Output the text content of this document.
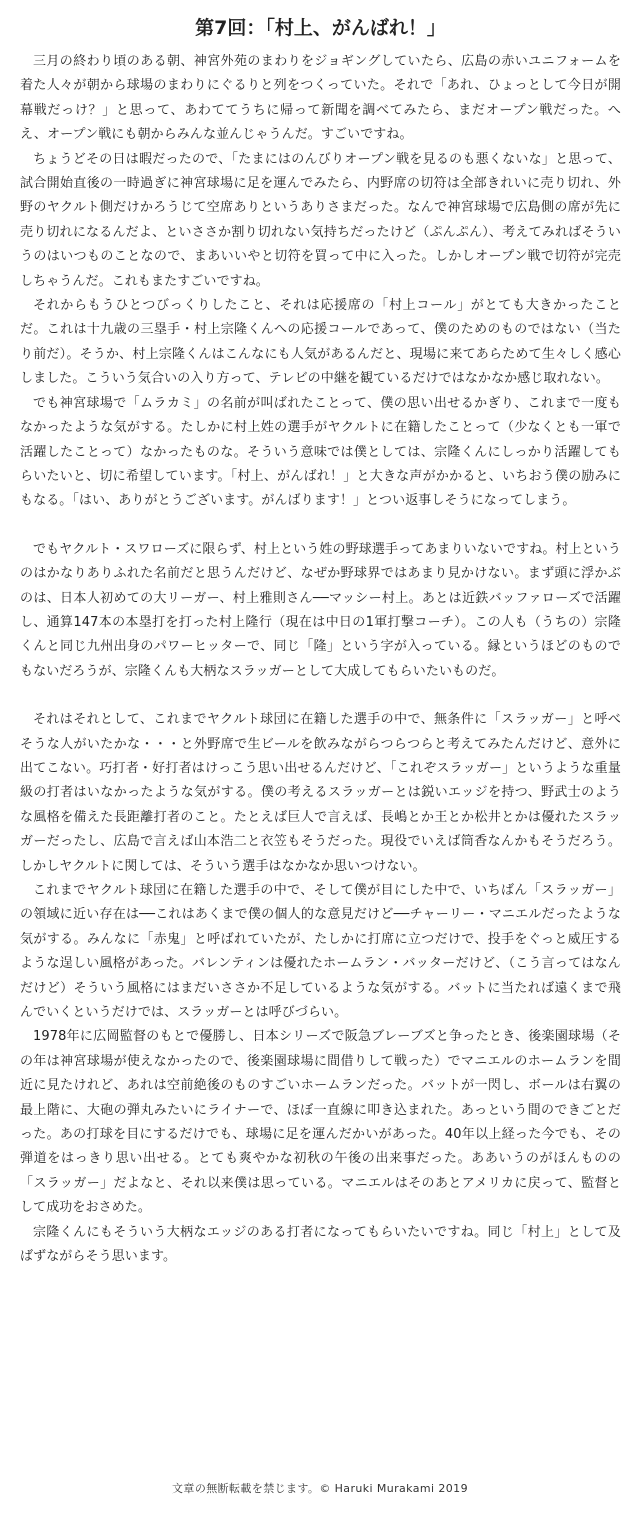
第7回：「村上、がんばれ！」

三月の終わり頃のある朝、神宮外苑のまわりをジョギングしていたら、広島の赤いユニフォームを着た人々が朝から球場のまわりにぐるりと列をつくっていた。それで「あれ、ひょっとして今日が開幕戦だっけ？」と思って、あわててうちに帰って新聞を調べてみたら、まだオープン戦だった。へえ、オープン戦にも朝からみんな並んじゃうんだ。すごいですね。

ちょうどその日は暇だったので、「たまにはのんびりオープン戦を見るのも悪くないな」と思って、試合開始直後の一時過ぎに神宮球場に足を運んでみたら、内野席の切符は全部きれいに売り切れ、外野のヤクルト側だけかろうじて空席ありというありさまだった。なんで神宮球場で広島側の席が先に売り切れになるんだよ、といささか割り切れない気持ちだったけど（ぷんぷん）、考えてみればそういうのはいつものことなので、まあいいやと切符を買って中に入った。しかしオープン戦で切符が完売しちゃうんだ。これもまたすごいですね。

それからもうひとつびっくりしたこと、それは応援席の「村上コール」がとても大きかったことだ。これは十九歳の三塁手・村上宗隆くんへの応援コールであって、僕のためのものではない（当たり前だ）。そうか、村上宗隆くんはこんなにも人気があるんだと、現場に来てあらためて生々しく感心しました。こういう気合いの入り方って、テレビの中継を観ているだけではなかなか感じ取れない。

でも神宮球場で「ムラカミ」の名前が叫ばれたことって、僕の思い出せるかぎり、これまで一度もなかったような気がする。たしかに村上姓の選手がヤクルトに在籍したことって（少なくとも一軍で活躍したことって）なかったものな。そういう意味では僕としては、宗隆くんにしっかり活躍してもらいたいと、切に希望しています。「村上、がんばれ！」と大きな声がかかると、いちおう僕の励みにもなる。「はい、ありがとうございます。がんばります！」とつい返事しそうになってしまう。

でもヤクルト・スワローズに限らず、村上という姓の野球選手ってあまりいないですね。村上というのはかなりありふれた名前だと思うんだけど、なぜか野球界ではあまり見かけない。まず頭に浮かぶのは、日本人初めての大リーガー、村上雅則さん──マッシー村上。あとは近鉄バッファローズで活躍し、通算147本の本塁打を打った村上隆行（現在は中日の1軍打撃コーチ）。この人も（うちの）宗隆くんと同じ九州出身のパワーヒッターで、同じ「隆」という字が入っている。縁というほどのものでもないだろうが、宗隆くんも大柄なスラッガーとして大成してもらいたいものだ。

それはそれとして、これまでヤクルト球団に在籍した選手の中で、無条件に「スラッガー」と呼べそうな人がいたかな・・・と外野席で生ビールを飲みながらつらつらと考えてみたんだけど、意外に出てこない。巧打者・好打者はけっこう思い出せるんだけど、「これぞスラッガー」というような重量級の打者はいなかったような気がする。僕の考えるスラッガーとは鋭いエッジを持つ、野武士のような風格を備えた長距離打者のこと。たとえば巨人で言えば、長嶋とか王とか松井とかは優れたスラッガーだったし、広島で言えば山本浩二と衣笠もそうだった。現役でいえば筒香なんかもそうだろう。しかしヤクルトに関しては、そういう選手はなかなか思いつけない。

これまでヤクルト球団に在籍した選手の中で、そして僕が目にした中で、いちばん「スラッガー」の領域に近い存在は──これはあくまで僕の個人的な意見だけど──チャーリー・マニエルだったような気がする。みんなに「赤鬼」と呼ばれていたが、たしかに打席に立つだけで、投手をぐっと威圧するような逞しい風格があった。バレンティンは優れたホームラン・バッターだけど、（こう言ってはなんだけど）そういう風格にはまだいささか不足しているような気がする。バットに当たれば遠くまで飛んでいくというだけでは、スラッガーとは呼びづらい。

1978年に広岡監督のもとで優勝し、日本シリーズで阪急ブレーブズと争ったとき、後楽園球場（その年は神宮球場が使えなかったので、後楽園球場に間借りして戦った）でマニエルのホームランを間近に見たけれど、あれは空前絶後のものすごいホームランだった。バットが一閃し、ボールは右翼の最上階に、大砲の弾丸みたいにライナーで、ほぼ一直線に叩き込まれた。あっという間のできごとだった。あの打球を目にするだけでも、球場に足を運んだかいがあった。40年以上経った今でも、その弾道をはっきり思い出せる。とても爽やかな初秋の午後の出来事だった。ああいうのがほんものの「スラッガー」だよなと、それ以来僕は思っている。マニエルはそのあとアメリカに戻って、監督として成功をおさめた。

宗隆くんにもそういう大柄なエッジのある打者になってもらいたいですね。同じ「村上」として及ばずながらそう思います。

文章の無断転載を禁じます。© Haruki Murakami 2019
